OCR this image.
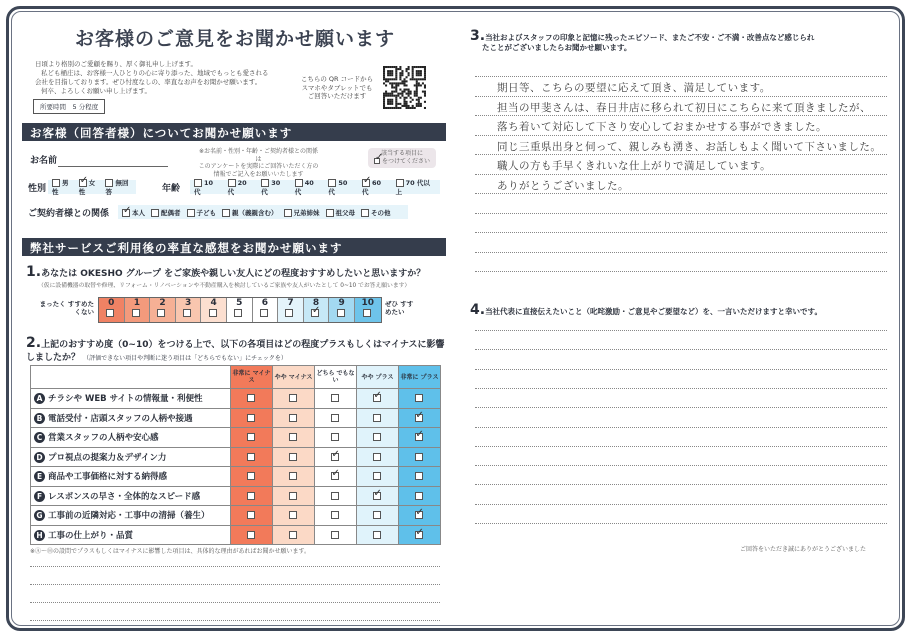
お客様のご意見をお聞かせ願います

日頃より格別のご愛顧を賜り、厚く御礼申し上げます。

私ども桶庄は、お客様一人ひとりの心に寄り添った、地域でもっとも愛される

会社を目指しております。ぜひ忖度なしの、率直なお声をお聞かせ願います。

何卒、よろしくお願い申し上げます。

所要時間　5 分程度
こちらの QR コードから
スマホやタブレットでも
ご回答いただけます
お客様（回答者様）についてお聞かせ願います
お名前
※お名前・性別・年齢・ご契約者様との関係は
このアンケートを実際にご回答いただく方の
情報でご記入をお願いいたします
該当する項目に
✓をつけてください
性別
男性
✓女性
無回答	年齢
10 代
20 代
30 代
40 代
50 代
✓60 代
70 代以上
ご契約者様との関係 ✓	本人	配偶者	子ども	親（義親含む）	兄弟姉妹	祖父母	その他
弊社サービスご利用後の率直な感想をお聞かせ願います
1.あなたは OKESHO グループ をご家族や親しい友人にどの程度おすすめしたいと思いますか？
（仮に設備機器の取替や修理、リフォーム・リノベーションや不動産購入を検討しているご家族や友人がいたとして 0~10 でお答え願います）
まったく すすめたくない
0	1	2	3	4	5	6	7	8
✓	9	10	ぜひ すすめたい
2.上記のおすすめ度（0~10）をつける上で、以下の各項目はどの程度プラスもしくはマイナスに影響しましたか？ （評価できない項目や判断に迷う項目は「どちらでもない」にチェックを）
	非常に マイナス	やや マイナス	どちら でもない	やや プラス	非常に プラス
A チラシや WEB サイトの情報量・利便性				✓	
B 電話受付・店頭スタッフの人柄や接遇					✓
C 営業スタッフの人柄や安心感					✓
D プロ視点の提案力＆デザイン力			✓		
E 商品や工事価格に対する納得感			✓		
F レスポンスの早さ・全体的なスピード感				✓	
G 工事前の近隣対応・工事中の清掃（養生）					✓
H 工事の仕上がり・品質					✓
※Ⓐ～Ⓗの設問でプラスもしくはマイナスに影響した項目は、具体的な理由があればお聞かせ願います。
3.当社およびスタッフの印象と記憶に残ったエピソード、またご不安・ご不満・改善点など感じられ
たことがございましたらお聞かせ願います。
期日等、こちらの要望に応えて頂き、満足しています。
担当の甲斐さんは、春日井店に移られて初日にこちらに来て頂きましたが、
落ち着いて対応して下さり安心しておまかせする事ができました。
同じ三重県出身と伺って、親しみも湧き、お話しもよく聞いて下さいました。
職人の方も手早くきれいな仕上がりで満足しています。
ありがとうございました。
4.当社代表に直接伝えたいこと（叱咤激励・ご意見やご要望など）を、一言いただけますと幸いです。
ご回答をいただき誠にありがとうございました
